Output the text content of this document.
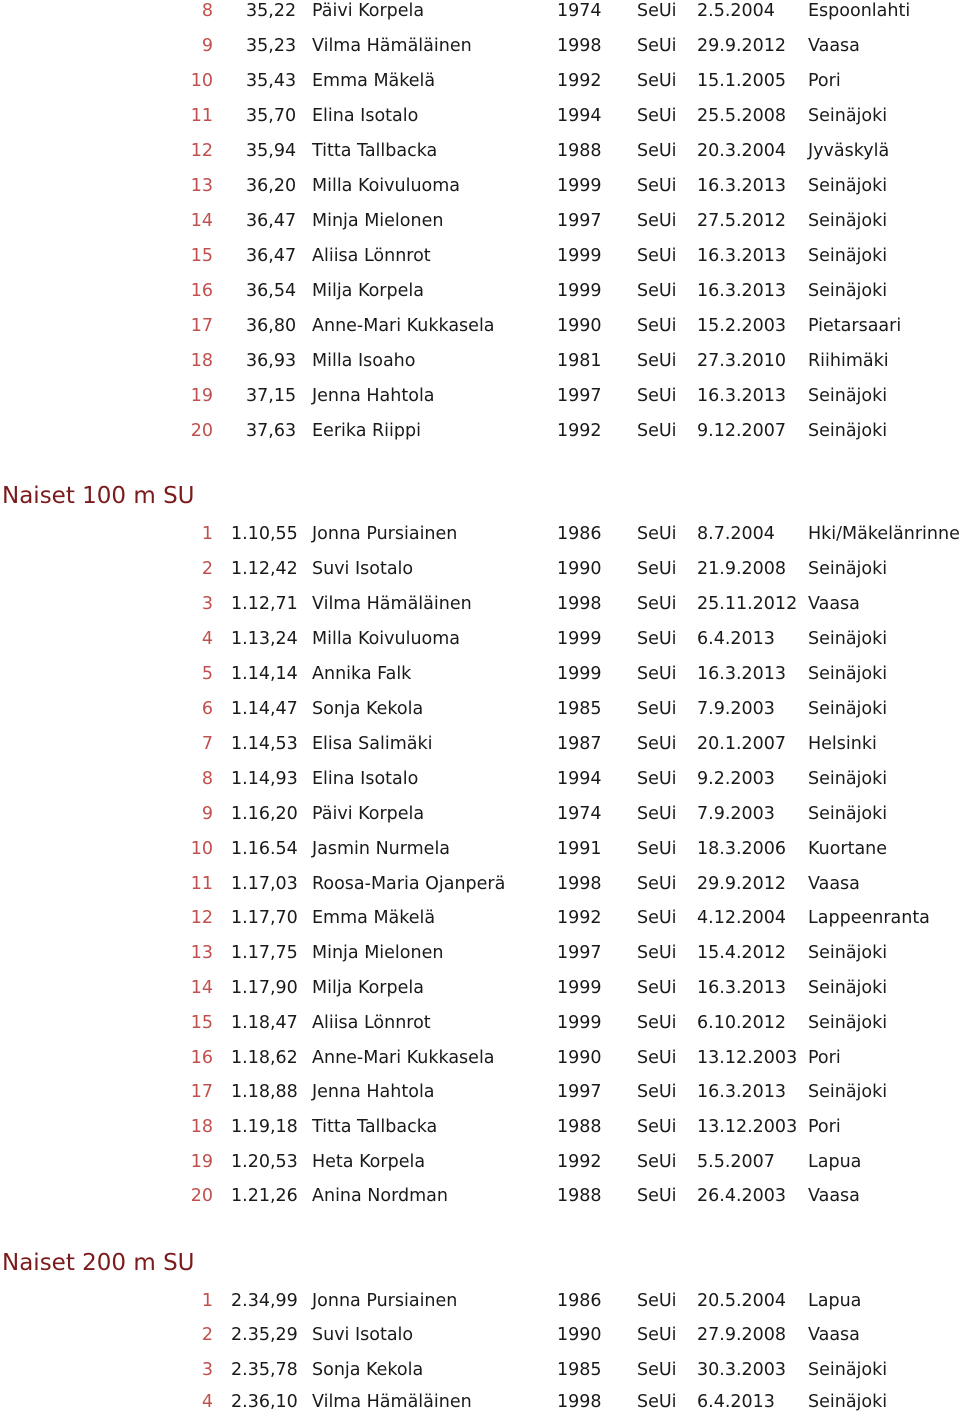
8 35,22 Päivi Korpela	1974 SeUi 2.5.2004 Espoonlahti
9 35,23 Vilma Hämäläinen	1998 SeUi 29.9.2012 Vaasa
10 35,43 Emma Mäkelä	1992 SeUi 15.1.2005 Pori
11 35,70 Elina Isotalo	1994 SeUi 25.5.2008 Seinäjoki
12 35,94 Titta Tallbacka	1988 SeUi 20.3.2004 Jyväskylä
13 36,20 Milla Koivuluoma	1999 SeUi 16.3.2013 Seinäjoki
14 36,47 Minja Mielonen	1997 SeUi 27.5.2012 Seinäjoki
15 36,47 Aliisa Lönnrot	1999 SeUi 16.3.2013 Seinäjoki
16 36,54 Milja Korpela	1999 SeUi 16.3.2013 Seinäjoki
17 36,80 Anne-Mari Kukkasela	1990 SeUi 15.2.2003 Pietarsaari
18 36,93 Milla Isoaho	1981 SeUi 27.3.2010 Riihimäki
19 37,15 Jenna Hahtola	1997 SeUi 16.3.2013 Seinäjoki
20 37,63 Eerika Riippi	1992 SeUi 9.12.2007 Seinäjoki
Naiset 100 m SU
1 1.10,55 Jonna Pursiainen	1986 SeUi 8.7.2004 Hki/Mäkelänrinne
2 1.12,42 Suvi Isotalo	1990 SeUi 21.9.2008 Seinäjoki
3 1.12,71 Vilma Hämäläinen	1998 SeUi 25.11.2012 Vaasa
4 1.13,24 Milla Koivuluoma	1999 SeUi 6.4.2013 Seinäjoki
5 1.14,14 Annika Falk	1999 SeUi 16.3.2013 Seinäjoki
6 1.14,47 Sonja Kekola	1985 SeUi 7.9.2003 Seinäjoki
7 1.14,53 Elisa Salimäki	1987 SeUi 20.1.2007 Helsinki
8 1.14,93 Elina Isotalo	1994 SeUi 9.2.2003 Seinäjoki
9 1.16,20 Päivi Korpela	1974 SeUi 7.9.2003 Seinäjoki
10 1.16.54 Jasmin Nurmela	1991 SeUi 18.3.2006 Kuortane
11 1.17,03 Roosa-Maria Ojanperä	1998 SeUi 29.9.2012 Vaasa
12 1.17,70 Emma Mäkelä	1992 SeUi 4.12.2004 Lappeenranta
13 1.17,75 Minja Mielonen	1997 SeUi 15.4.2012 Seinäjoki
14 1.17,90 Milja Korpela	1999 SeUi 16.3.2013 Seinäjoki
15 1.18,47 Aliisa Lönnrot	1999 SeUi 6.10.2012 Seinäjoki
16 1.18,62 Anne-Mari Kukkasela	1990 SeUi 13.12.2003 Pori
17 1.18,88 Jenna Hahtola	1997 SeUi 16.3.2013 Seinäjoki
18 1.19,18 Titta Tallbacka	1988 SeUi 13.12.2003 Pori
19 1.20,53 Heta Korpela	1992 SeUi 5.5.2007 Lapua
20 1.21,26 Anina Nordman	1988 SeUi 26.4.2003 Vaasa
Naiset 200 m SU
1 2.34,99 Jonna Pursiainen	1986 SeUi 20.5.2004 Lapua
2 2.35,29 Suvi Isotalo	1990 SeUi 27.9.2008 Vaasa
3 2.35,78 Sonja Kekola	1985 SeUi 30.3.2003 Seinäjoki
4 2.36,10 Vilma Hämäläinen	1998 SeUi 6.4.2013 Seinäjoki
